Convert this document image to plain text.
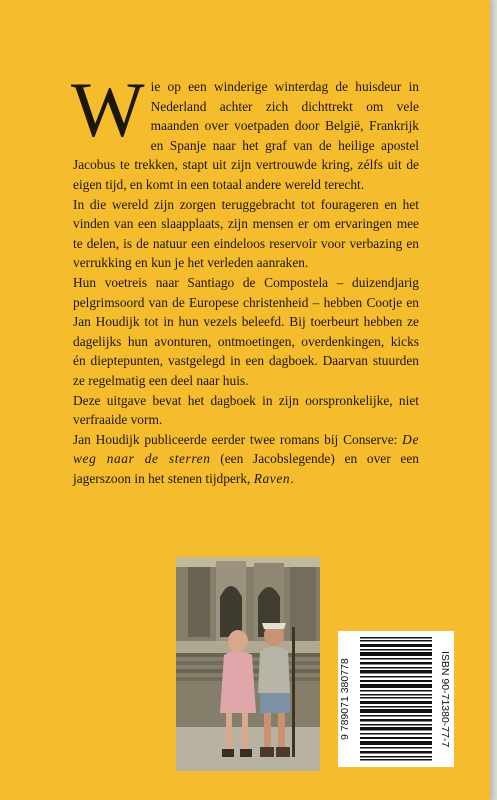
Wie op een winderige winterdag de huisdeur in Nederland achter zich dichttrekt om vele maanden over voetpaden door België, Frankrijk en Spanje naar het graf van de heilige apostel Jacobus te trekken, stapt uit zijn vertrouwde kring, zélfs uit de eigen tijd, en komt in een totaal andere wereld terecht.

In die wereld zijn zorgen teruggebracht tot fourageren en het vinden van een slaapplaats, zijn mensen er om ervaringen mee te delen, is de natuur een eindeloos reservoir voor verbazing en verrukking en kun je het verleden aanraken.

Hun voetreis naar Santiago de Compostela – duizendjarig pelgrimsoord van de Europese christenheid – hebben Cootje en Jan Houdijk tot in hun vezels beleefd. Bij toerbeurt hebben ze dagelijks hun avonturen, ontmoetingen, overdenkingen, kicks én dieptepunten, vastgelegd in een dagboek. Daarvan stuurden ze regelmatig een deel naar huis.

Deze uitgave bevat het dagboek in zijn oorspronkelijke, niet verfraaide vorm.

Jan Houdijk publiceerde eerder twee romans bij Conserve: De weg naar de sterren (een Jacobslegende) en over een jagerszoon in het stenen tijdperk, Raven.

9 789071 380778	ISBN 90-71380-77-7
